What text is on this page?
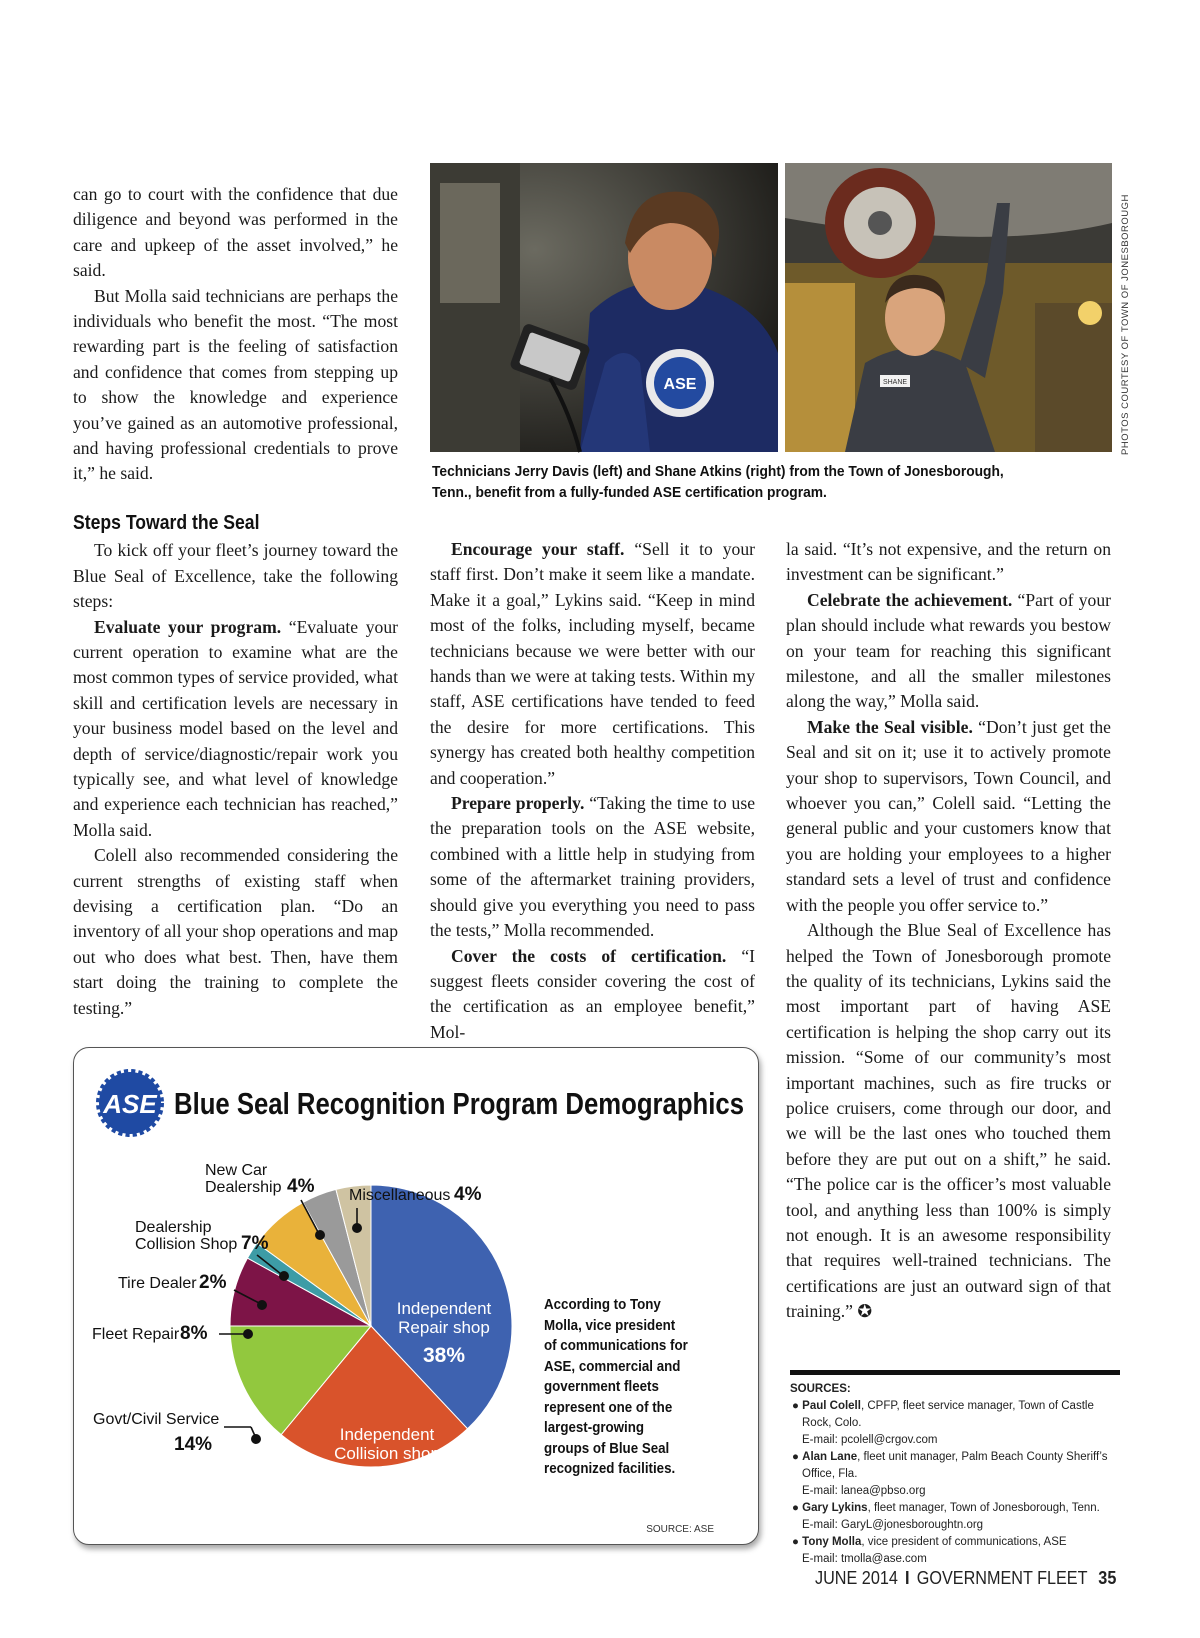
can go to court with the confidence that due diligence and beyond was performed in the care and upkeep of the asset involved,” he said.

But Molla said technicians are perhaps the individuals who benefit the most. “The most rewarding part is the feeling of satisfaction and confidence that comes from stepping up to show the knowledge and experience you’ve gained as an automotive professional, and having professional credentials to prove it,” he said.

Steps Toward the Seal

To kick off your fleet’s journey toward the Blue Seal of Excellence, take the following steps:

Evaluate your program. “Evaluate your current operation to examine what are the most common types of service provided, what skill and certification levels are necessary in your business model based on the level and depth of service/diagnostic/repair work you typically see, and what level of knowledge and experience each technician has reached,” Molla said.

Colell also recommended considering the current strengths of existing staff when devising a certification plan. “Do an inventory of all your shop operations and map out who does what best. Then, have them start doing the training to complete the testing.”

Encourage your staff. “Sell it to your staff first. Don’t make it seem like a mandate. Make it a goal,” Lykins said. “Keep in mind most of the folks, including myself, became technicians because we were better with our hands than we were at taking tests. Within my staff, ASE certifications have tended to feed the desire for more certifications. This synergy has created both healthy competition and cooperation.”

Prepare properly. “Taking the time to use the preparation tools on the ASE website, combined with a little help in studying from some of the aftermarket training providers, should give you everything you need to pass the tests,” Molla recommended.

Cover the costs of certification. “I suggest fleets consider covering the cost of the certification as an employee benefit,” Mol-

la said. “It’s not expensive, and the return on investment can be significant.”

Celebrate the achievement. “Part of your plan should include what rewards you bestow on your team for reaching this significant milestone, and all the smaller milestones along the way,” Molla said.

Make the Seal visible. “Don’t just get the Seal and sit on it; use it to actively promote your shop to supervisors, Town Council, and whoever you can,” Colell said. “Letting the general public and your customers know that you are holding your employees to a higher standard sets a level of trust and confidence with the people you offer service to.”

Although the Blue Seal of Excellence has helped the Town of Jonesborough promote the quality of its technicians, Lykins said the most important part of having ASE certification is helping the shop carry out its mission. “Some of our community’s most important machines, such as fire trucks or police cruisers, come through our door, and we will be the last ones who touched them before they are put out on a shift,” he said. “The police car is the officer’s most valuable tool, and anything less than 100% is simply not enough. It is an awesome responsibility that requires well-trained technicians. The certifications are just an outward sign of that training.” ✪

ASE	SHANE	PHOTOS COURTESY OF TOWN OF JONESBOROUGH
Technicians Jerry Davis (left) and Shane Atkins (right) from the Town of Jonesborough, Tenn., benefit from a fully-funded ASE certification program.
ASE Blue Seal Recognition Program Demographics
Independent
Repair shop
38%
Independent
Collision shop
23%
New Car
Dealership 4% Miscellaneous 4%
Dealership
Collision Shop 7%
Tire Dealer 2%
Fleet Repair 8%
Govt/Civil Service
14%
According to Tony Molla, vice president of communications for ASE, commercial and government fleets represent one of the largest-growing groups of Blue Seal recognized facilities.
SOURCE: ASE
SOURCES:
● Paul Colell, CPFP, fleet service manager, Town of Castle Rock, Colo.
E-mail: pcolell@crgov.com
● Alan Lane, fleet unit manager, Palm Beach County Sheriff’s Office, Fla.
E-mail: lanea@pbso.org
● Gary Lykins, fleet manager, Town of Jonesborough, Tenn.
E-mail: GaryL@jonesboroughtn.org
● Tony Molla, vice president of communications, ASE
E-mail: tmolla@ase.com
JUNE 2014 I GOVERNMENT FLEET 35
